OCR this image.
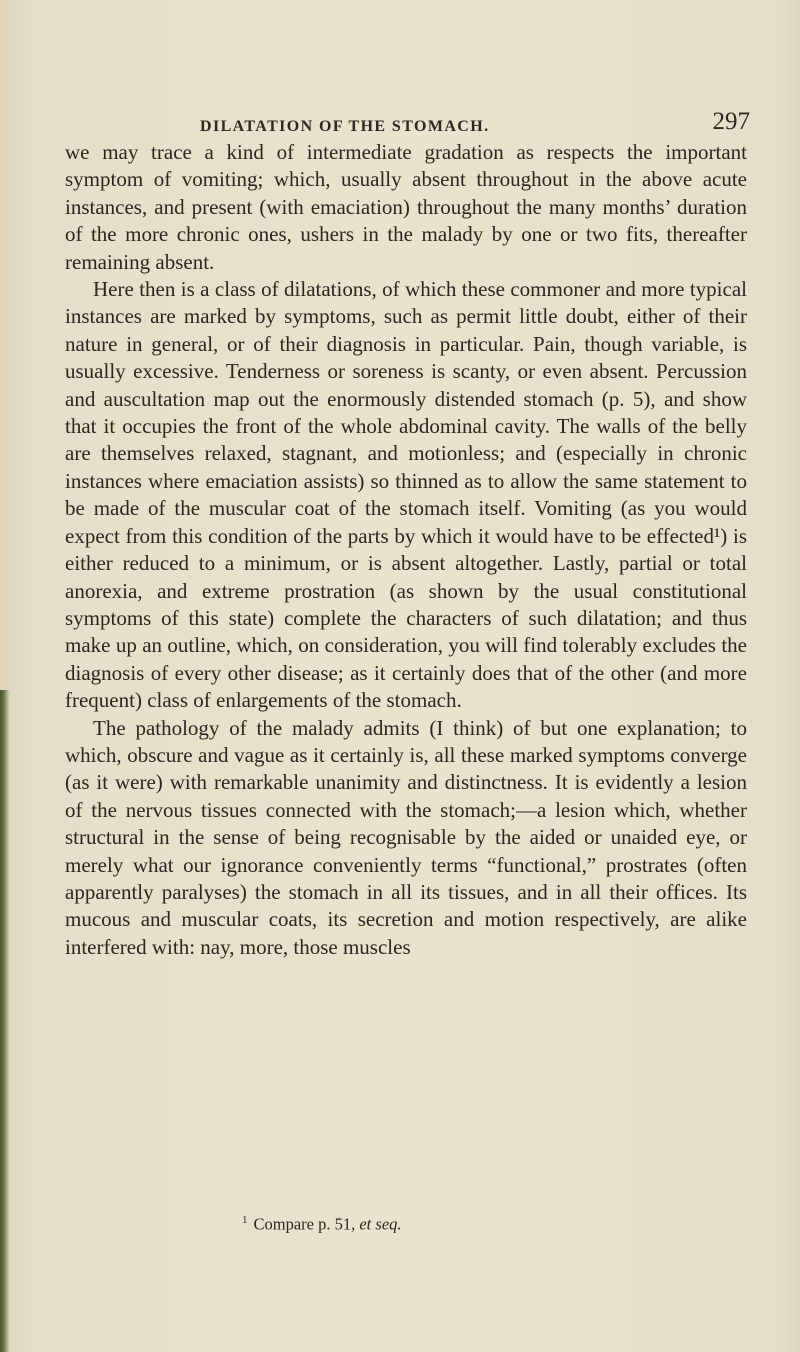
DILATATION OF THE STOMACH.	297

we may trace a kind of intermediate gradation as respects the important symptom of vomiting; which, usually absent throughout in the above acute instances, and present (with emaciation) throughout the many months’ duration of the more chronic ones, ushers in the malady by one or two fits, thereafter remaining absent.

Here then is a class of dilatations, of which these commoner and more typical instances are marked by symptoms, such as permit little doubt, either of their nature in general, or of their diagnosis in particular. Pain, though variable, is usually excessive. Tenderness or soreness is scanty, or even absent. Percussion and auscultation map out the enormously distended stomach (p. 5), and show that it occupies the front of the whole abdominal cavity. The walls of the belly are themselves relaxed, stagnant, and motionless; and (especially in chronic instances where emaciation assists) so thinned as to allow the same statement to be made of the muscular coat of the stomach itself. Vomiting (as you would expect from this condition of the parts by which it would have to be effected¹) is either reduced to a minimum, or is absent altogether. Lastly, partial or total anorexia, and extreme prostration (as shown by the usual constitutional symptoms of this state) complete the characters of such dilatation; and thus make up an outline, which, on consideration, you will find tolerably excludes the diagnosis of every other disease; as it certainly does that of the other (and more frequent) class of enlargements of the stomach.

The pathology of the malady admits (I think) of but one explanation; to which, obscure and vague as it certainly is, all these marked symptoms converge (as it were) with remarkable unanimity and distinctness. It is evidently a lesion of the nervous tissues connected with the stomach;—a lesion which, whether structural in the sense of being recognisable by the aided or unaided eye, or merely what our ignorance conveniently terms “functional,” prostrates (often apparently paralyses) the stomach in all its tissues, and in all their offices. Its mucous and muscular coats, its secretion and motion respectively, are alike interfered with: nay, more, those muscles

$^1$ Compare p. 51, et seq.
